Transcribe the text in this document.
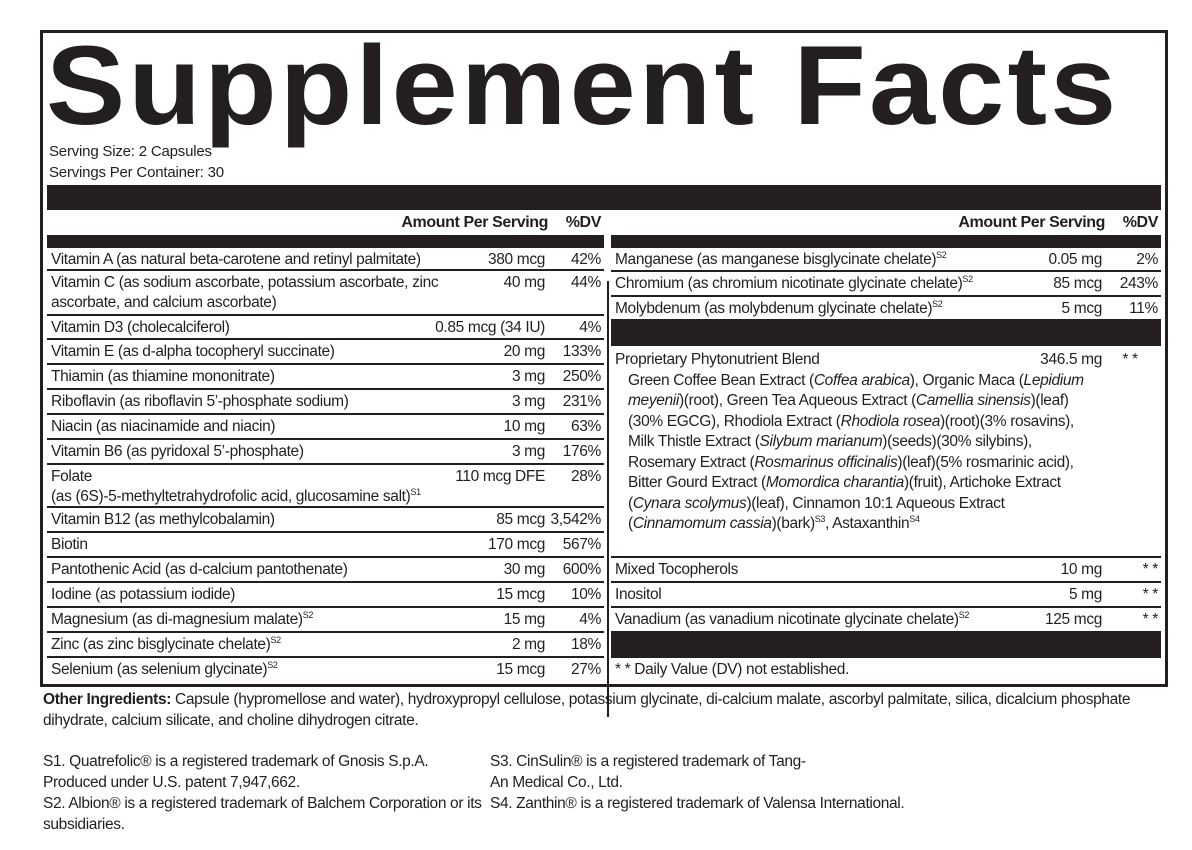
Supplement Facts
Serving Size: 2 Capsules
Servings Per Container: 30
Amount Per Serving	%DV
Vitamin A (as natural beta-carotene and retinyl palmitate)	380 mcg	42%
Vitamin C (as sodium ascorbate, potassium ascorbate, zinc ascorbate, and calcium ascorbate)
40 mg	44%
Vitamin D3 (cholecalciferol)	0.85 mcg (34 IU)	4%
Vitamin E (as d-alpha tocopheryl succinate)	20 mg	133%
Thiamin (as thiamine mononitrate)	3 mg	250%
Riboflavin (as riboflavin 5’-phosphate sodium)	3 mg	231%
Niacin (as niacinamide and niacin)	10 mg	63%
Vitamin B6 (as pyridoxal 5’-phosphate)	3 mg	176%
Folate
(as (6S)-5-methyltetrahydrofolic acid, glucosamine salt)$^{S1}$
110 mcg DFE	28%
Vitamin B12 (as methylcobalamin)	85 mcg 3,542%
Biotin	170 mcg	567%
Pantothenic Acid (as d-calcium pantothenate)	30 mg	600%
Iodine (as potassium iodide)	15 mcg	10%
Magnesium (as di-magnesium malate)$^{S2}$	15 mg	4%
Zinc (as zinc bisglycinate chelate)$^{S2}$	2 mg	18%
Selenium (as selenium glycinate)$^{S2}$	15 mcg	27%
Amount Per Serving	%DV
Manganese (as manganese bisglycinate chelate)$^{S2}$	0.05 mg	2%
Chromium (as chromium nicotinate glycinate chelate)$^{S2}$	85 mcg	243%
Molybdenum (as molybdenum glycinate chelate)$^{S2}$	5 mcg	11%
Proprietary Phytonutrient Blend	346.5 mg	* *
Green Coffee Bean Extract (Coffea arabica), Organic Maca (Lepidium meyenii)(root), Green Tea Aqueous Extract (Camellia sinensis)(leaf)(30% EGCG), Rhodiola Extract (Rhodiola rosea)(root)(3% rosavins), Milk Thistle Extract (Silybum marianum)(seeds)(30% silybins), Rosemary Extract (Rosmarinus officinalis)(leaf)(5% rosmarinic acid), Bitter Gourd Extract (Momordica charantia)(fruit), Artichoke Extract (Cynara scolymus)(leaf), Cinnamon 10:1 Aqueous Extract (Cinnamomum cassia)(bark)$^{S3}$, Astaxanthin$^{S4}$
Mixed Tocopherols	10 mg	* *
Inositol	5 mg	* *
Vanadium (as vanadium nicotinate glycinate chelate)$^{S2}$	125 mcg	* *
* * Daily Value (DV) not established.
Other Ingredients: Capsule (hypromellose and water), hydroxypropyl cellulose, potassium glycinate, di-calcium malate, ascorbyl palmitate, silica, dicalcium phosphate dihydrate, calcium silicate, and choline dihydrogen citrate.
S1. Quatrefolic® is a registered trademark of Gnosis S.p.A. Produced under U.S. patent 7,947,662.
S2. Albion® is a registered trademark of Balchem Corporation or its subsidiaries.
S3. CinSulin® is a registered trademark of Tang-An Medical Co., Ltd.
S4. Zanthin® is a registered trademark of Valensa International.
